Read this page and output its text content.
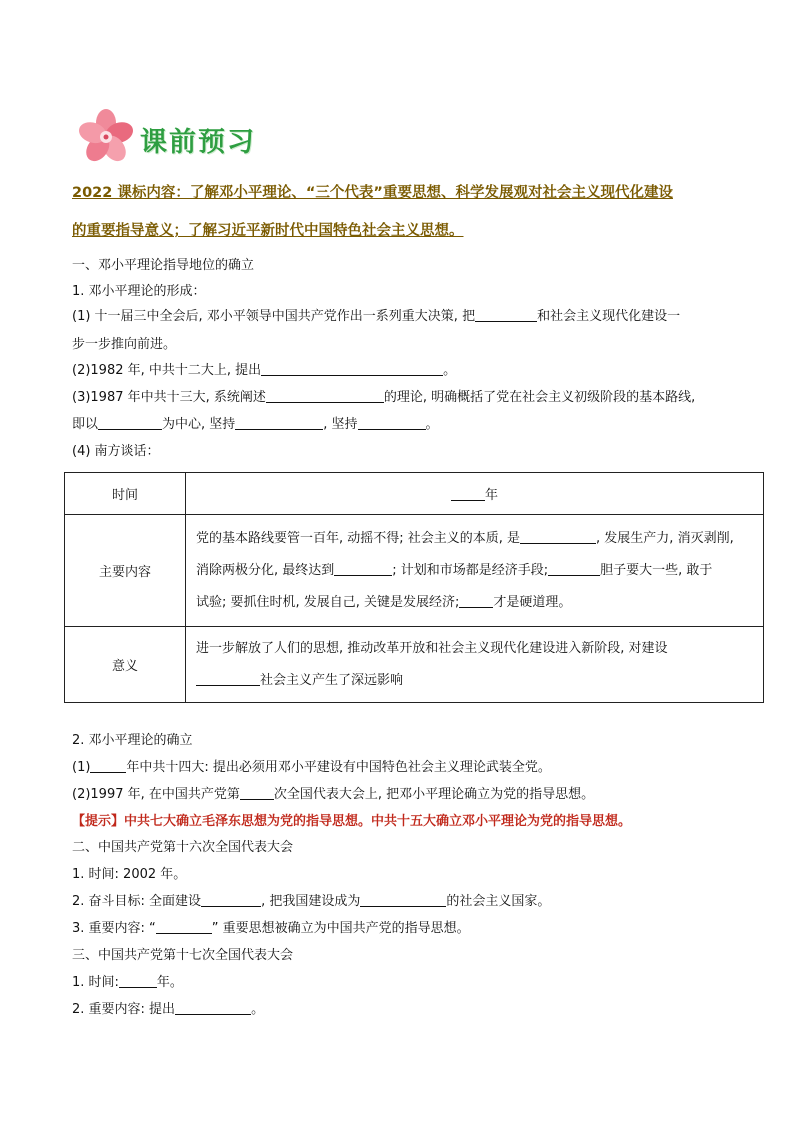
课前预习
2022 课标内容：了解邓小平理论、“三个代表”重要思想、科学发展观对社会主义现代化建设
的重要指导意义；了解习近平新时代中国特色社会主义思想。
一、邓小平理论指导地位的确立
1. 邓小平理论的形成：
(1) 十一届三中全会后, 邓小平领导中国共产党作出一系列重大决策, 把	和社会主义现代化建设一
步一步推向前进。
(2)1982 年, 中共十二大上, 提出	。
(3)1987 年中共十三大, 系统阐述	的理论, 明确概括了党在社会主义初级阶段的基本路线,
即以	为中心, 坚持	, 坚持	。
(4) 南方谈话：
时间	年
主要内容	党的基本路线要管一百年, 动摇不得; 社会主义的本质, 是 , 发展生产力, 消灭剥削,
消除两极分化, 最终达到 ; 计划和市场都是经济手段; 胆子要大一些, 敢于
试验; 要抓住时机, 发展自己, 关键是发展经济; 才是硬道理。

意义	进一步解放了人们的思想, 推动改革开放和社会主义现代化建设进入新阶段, 对建设
社会主义产生了深远影响
2. 邓小平理论的确立
(1)	年中共十四大: 提出必须用邓小平建设有中国特色社会主义理论武装全党。
(2)1997 年, 在中国共产党第	次全国代表大会上, 把邓小平理论确立为党的指导思想。
【提示】中共七大确立毛泽东思想为党的指导思想。中共十五大确立邓小平理论为党的指导思想。
二、中国共产党第十六次全国代表大会
1. 时间: 2002 年。
2. 奋斗目标: 全面建设	, 把我国建设成为	的社会主义国家。
3. 重要内容: “	” 重要思想被确立为中国共产党的指导思想。
三、中国共产党第十七次全国代表大会
1. 时间:	年。
2. 重要内容: 提出	。
